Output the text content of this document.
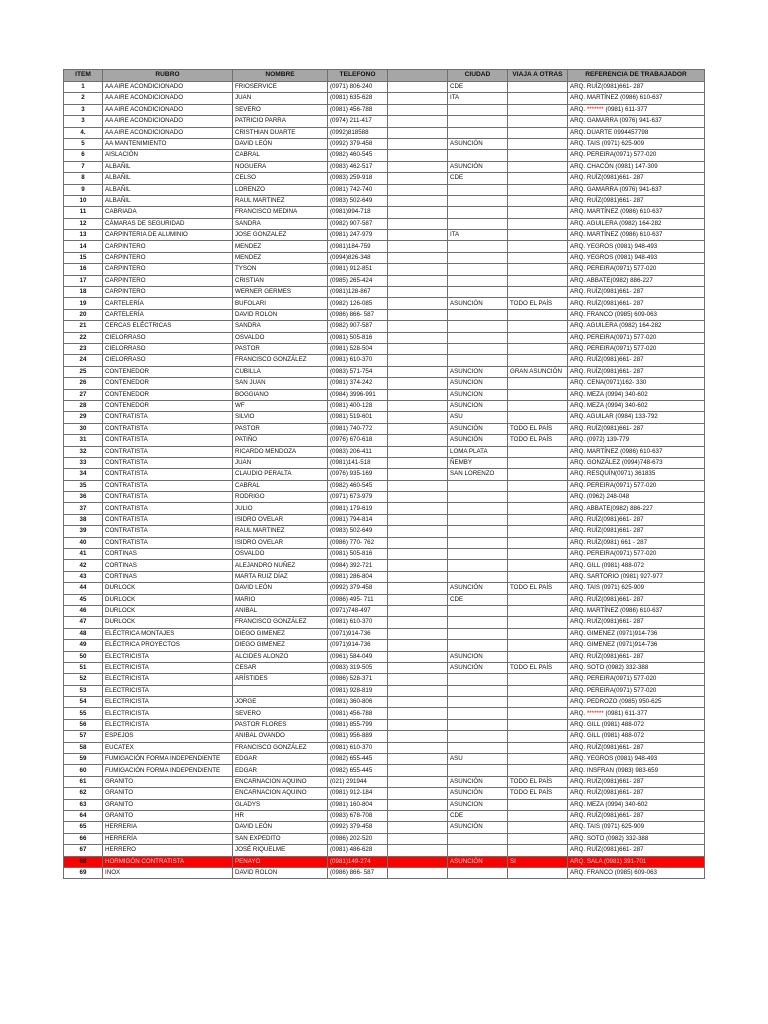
ITEM	RUBRO	NOMBRE	TELEFONO		CIUDAD	VIAJA A OTRAS	REFERENCIA DE TRABAJADOR
1	AA AIRE ACONDICIONADO	FRIOSERVICE	(0971) 806-240		CDE		ARQ. RUÍZ(0981)661- 287
2	AA AIRE ACONDICIONADO	JUAN	(0981) 635-628		ITA		ARQ. MARTÍNEZ (0986) 610-637
3	AA AIRE ACONDICIONADO	SEVERO	(0981) 456-788				ARQ. ******* (0981) 611-377
3	AA AIRE ACONDICIONADO	PATRICIO PARRA	(0974) 211-417				ARQ. GAMARRA (0976) 941-637
4.	AA AIRE ACONDICIONADO	CRISTHIAN DUARTE	(0992)818588				ARQ. DUARTE 0994457798
5	AA MANTENIMIENTO	DAVID LEÓN	(0992) 379-458		ASUNCIÓN		ARQ. TAIS (0971) 625-909
6	AISLACIÓN	CABRAL	(0982) 460-545				ARQ. PEREIRA(0971) 577-020
7	ALBAÑIL	NOGUERA	(0983) 462-517		ASUNCIÓN		ARQ. CHACÓN (0981) 147-309
8	ALBAÑIL	CELSO	(0983) 259-918		CDE		ARQ. RUÍZ(0981)661- 287
9	ALBAÑIL	LORENZO	(0981) 742-740				ARQ. GAMARRA (0976) 941-637
10	ALBAÑIL	RAUL MARTINEZ	(0983) 502-649				ARQ. RUÍZ(0981)661- 287
11	CABRIADA	FRANCISCO MEDINA	(0981)994-718				ARQ. MARTÍNEZ (0986) 610-637
12	CÁMARAS DE SEGURIDAD	SANDRA	(0982) 907-587				ARQ. AGUILERA (0982) 164-282
13	CARPINTERIA DE ALUMINIO	JOSE GONZALEZ	(0981) 247-979		ITA		ARQ. MARTÍNEZ (0986) 610-637
14	CARPINTERO	MENDEZ	(0981)184-759				ARQ. YEGROS (0981) 948-493
15	CARPINTERO	MENDEZ	(0994)826-348				ARQ. YEGROS (0981) 948-493
16	CARPINTERO	TYSON	(0981) 912-851				ARQ. PEREIRA(0971) 577-020
17	CARPINTERO	CRISTIAN	(0985) 265-424				ARQ. ABBATE(0982) 886-227
18	CARPINTERO	WERNER GERMES	(0981)128-867				ARQ. RUÍZ(0981)661- 287
19	CARTELERÍA	BUFOLARI	(0982) 126-085		ASUNCIÓN	TODO EL PAÍS	ARQ. RUÍZ(0981)661- 287
20	CARTELERÍA	DAVID ROLON	(0986) 866- 587				ARQ. FRANCO (0985) 609-063
21	CERCAS ELÉCTRICAS	SANDRA	(0982) 907-587				ARQ. AGUILERA (0982) 164-282
22	CIELORRASO	OSVALDO	(0981) 505-816				ARQ. PEREIRA(0971) 577-020
23	CIELORRASO	PASTOR	(0981) 528-504				ARQ. PEREIRA(0971) 577-020
24	CIELORRASO	FRANCISCO GONZÁLEZ	(0981) 610-370				ARQ. RUÍZ(0981)661- 287
25	CONTENEDOR	CUBILLA	(0983) 571-754		ASUNCION	GRAN ASUNCIÓN	ARQ. RUÍZ(0981)661- 287
26	CONTENEDOR	SAN JUAN	(0981) 374-242		ASUNCION		ARQ. CENA(0971)162- 330
27	CONTENEDOR	BOGGIANO	(0984) 3996-991		ASUNCION		ARQ. MEZA (0994) 340-602
28	CONTENEDOR	WF	(0981) 400-128		ASUNCION		ARQ. MEZA (0994) 340-602
29	CONTRATISTA	SILVIO	(0981) 519-601		ASU		ARQ. AGUILAR (0984) 133-792
30	CONTRATISTA	PASTOR	(0981) 740-772		ASUNCIÓN	TODO EL PAÍS	ARQ. RUÍZ(0981)661- 287
31	CONTRATISTA	PATIÑO	(0976) 670-618		ASUNCIÓN	TODO EL PAÍS	ARQ. (0972) 139-779
32	CONTRATISTA	RICARDO MENDOZA	(0983) 206-411		LOMA PLATA		ARQ. MARTÍNEZ (0986) 610-637
33	CONTRATISTA	JUAN	(0981)141-518		ÑEMBY		ARQ. GONZÁLEZ (0994)748-673
34	CONTRATISTA	CLAUDIO PERALTA	(0976) 935-169		SAN LORENZO		ARQ. RESQUÍN(0971) 361835
35	CONTRATISTA	CABRAL	(0982) 460-545				ARQ. PEREIRA(0971) 577-020
36	CONTRATISTA	RODRIGO	(0971) 673-979				ARQ. (0962) 248-048
37	CONTRATISTA	JULIO	(0981) 179-619				ARQ. ABBATE(0982) 886-227
38	CONTRATISTA	ISIDRO OVELAR	(0981) 794-814				ARQ. RUÍZ(0981)661- 287
39	CONTRATISTA	RAUL MARTINEZ	(0983) 502-649				ARQ. RUÍZ(0981)661- 287
40	CONTRATISTA	ISIDRO OVELAR	(0986) 770- 762				ARQ. RUÍZ(0981) 661 - 287
41	CORTINAS	OSVALDO	(0981) 505-816				ARQ. PEREIRA(0971) 577-020
42	CORTINAS	ALEJANDRO NUÑEZ	(0984) 392-721				ARQ. GILL (0981) 488-072
43	CORTINAS	MARTA RUIZ DÍAZ	(0981) 286-804				ARQ. SARTORIO (0981) 927-977
44	DURLOCK	DAVID LEÓN	(0992) 379-458		ASUNCIÓN	TODO EL PAÍS	ARQ. TAIS (0971) 625-909
45	DURLOCK	MARIO	(0986) 495- 711		CDE		ARQ. RUÍZ(0981)661- 287
46	DURLOCK	ANIBAL	(0971)748-497				ARQ. MARTÍNEZ (0986) 610-637
47	DURLOCK	FRANCISCO GONZÁLEZ	(0981) 610-370				ARQ. RUÍZ(0981)661- 287
48	ELÉCTRICA MONTAJES	DIEGO GIMENEZ	(0971)914-736				ARQ. GIMENEZ (0971)914-736
49	ELÉCTRICA PROYECTOS	DIEGO GIMENEZ	(0971)914-736				ARQ. GIMENEZ (0971)914-736
50	ELECTRICISTA	ALCIDES ALONZO	(0961) 584-049		ASUNCION		ARQ. RUÍZ(0981)661- 287
51	ELECTRICISTA	CESAR	(0983) 319-505		ASUNCIÓN	TODO EL PAÍS	ARQ. SOTO (0982) 332-388
52	ELECTRICISTA	ARÍSTIDES	(0986) 528-371				ARQ. PEREIRA(0971) 577-020
53	ELECTRICISTA		(0981) 928-819				ARQ. PEREIRA(0971) 577-020
54	ELECTRICISTA	JORGE	(0981) 360-806				ARQ. PEDROZO (0985) 950-625
55	ELECTRICISTA	SEVERO	(0981) 456-788				ARQ. ******* (0981) 611-377
56	ELECTRICISTA	PASTOR FLORES	(0981) 855-799				ARQ. GILL (0981) 488-072
57	ESPEJOS	ANIBAL OVANDO	(0981) 956-889				ARQ. GILL (0981) 488-072
58	EUCATEX	FRANCISCO GONZÁLEZ	(0981) 610-370				ARQ. RUÍZ(0981)661- 287
59	FUMIGACIÓN FORMA INDEPENDIENTE	EDGAR	(0982) 655-445		ASU		ARQ. YEGROS (0981) 948-493
60	FUMIGACIÓN FORMA INDEPENDIENTE	EDGAR	(0982) 655-445				ARQ. INSFRAN (0983) 983-659
61	GRANITO	ENCARNACION AQUINO	(021) 291944		ASUNCIÓN	TODO EL PAÍS	ARQ. RUÍZ(0981)661- 287
62	GRANITO	ENCARNACION AQUINO	(0981) 912-184		ASUNCIÓN	TODO EL PAÍS	ARQ. RUÍZ(0981)661- 287
63	GRANITO	GLADYS	(0981) 160-804		ASUNCION		ARQ. MEZA (0994) 340-602
64	GRANITO	HR	(0983) 678-708		CDE		ARQ. RUÍZ(0981)661- 287
65	HERRERIA	DAVID LEÓN	(0992) 379-458		ASUNCIÓN		ARQ. TAIS (0971) 625-909
66	HERRERÍA	SAN EXPEDITO	(0986) 202-520				ARQ. SOTO (0982) 332-388
67	HERRERO	JOSÉ RIQUELME	(0981) 486-628				ARQ. RUÍZ(0981)661- 287
68	HORMIGÓN CONTRATISTA	PENAYO	(0981)149-274		ASUNCIÓN	SI	ARQ. SALA (0981) 391-701
69	INOX	DAVID ROLON	(0986) 866- 587				ARQ. FRANCO (0985) 609-063
